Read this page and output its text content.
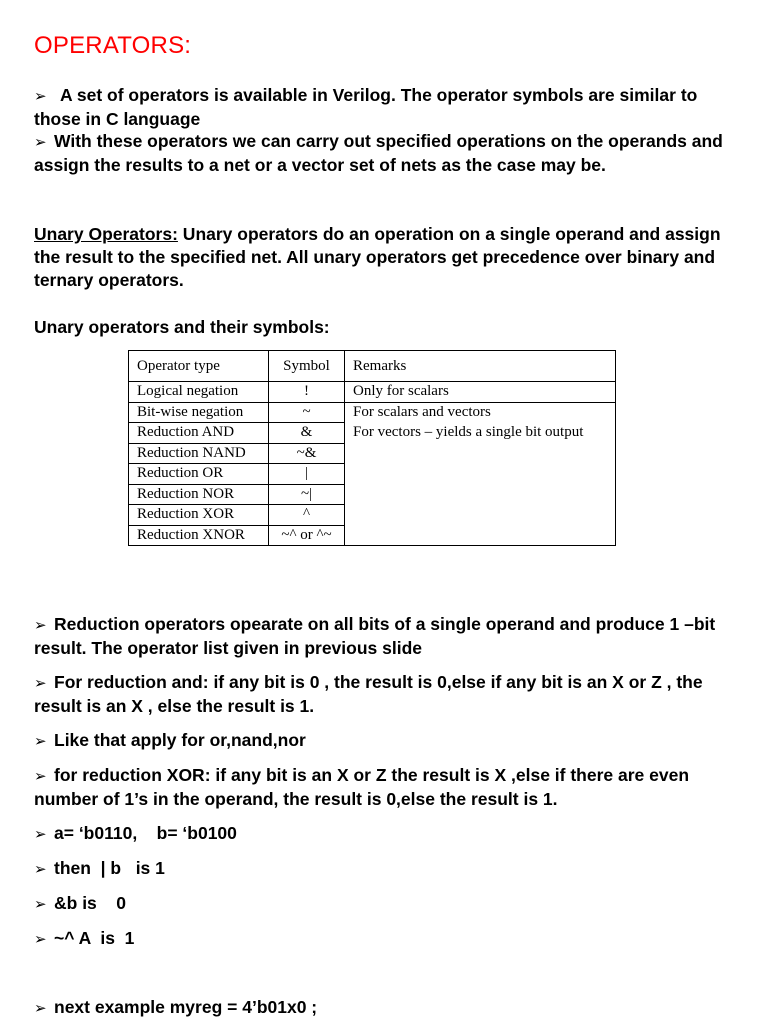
OPERATORS:
➢ A set of operators is available in Verilog. The operator symbols are similar to those in C language
➢ With these operators we can carry out specified operations on the operands and assign the results to a net or a vector set of nets as the case may be.
Unary Operators: Unary operators do an operation on a single operand and assign the result to the specified net. All unary operators get precedence over binary and ternary operators.
Unary operators and their symbols:
Operator type	Symbol	Remarks
Logical negation	!	Only for scalars
Bit-wise negation	~	For scalars and vectors
Reduction AND	&	For vectors – yields a single bit output
Reduction NAND	~&	
Reduction OR	|	
Reduction NOR	~|	
Reduction XOR	^	
Reduction XNOR	~^ or ^~	
➢ Reduction operators opearate on all bits of a single operand and produce 1 –bit result. The operator list given in previous slide
➢ For reduction and: if any bit is 0 , the result is 0,else if any bit is an X or Z , the result is an X , else the result is 1.
➢ Like that apply for or,nand,nor
➢ for reduction XOR: if any bit is an X or Z the result is X ,else if there are even number of 1’s in the operand, the result is 0,else the result is 1.
➢ a= ‘b0110,    b= ‘b0100
➢ then  | b   is 1
➢ &b is    0
➢ ~^ A  is  1
➢ next example myreg = 4’b01x0 ;
